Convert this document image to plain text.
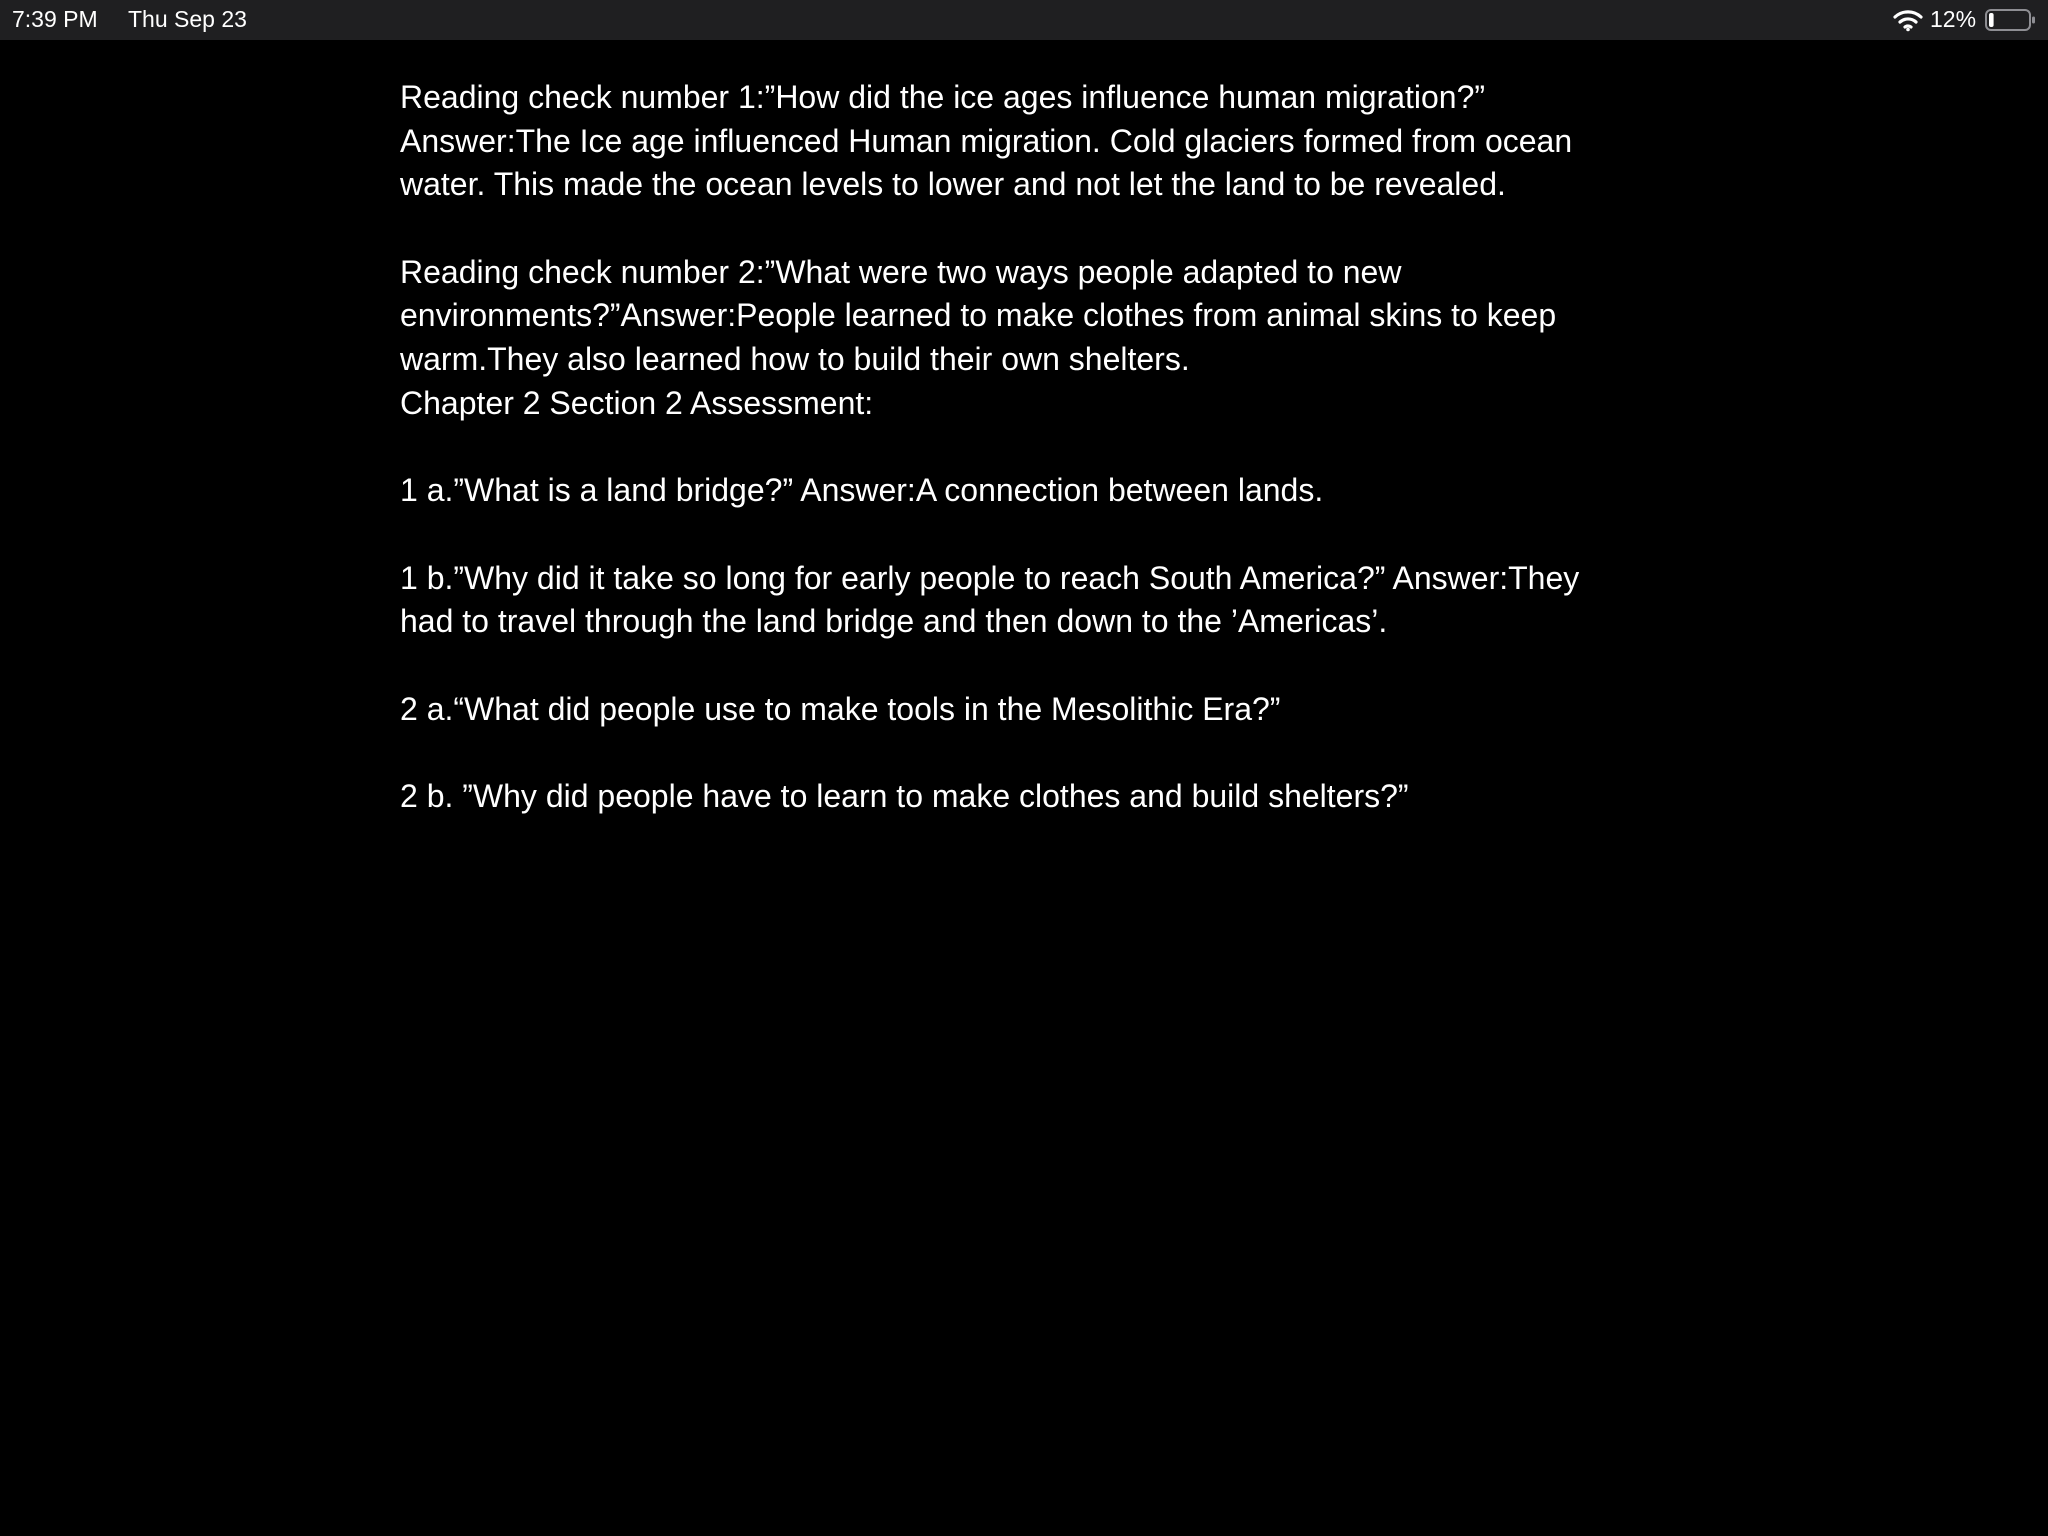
7:39 PM Thu Sep 23	12%
Reading check number 1:”How did the ice ages influence human migration?”
Answer:The Ice age influenced Human migration. Cold glaciers formed from ocean
water. This made the ocean levels to lower and not let the land to be revealed.
Reading check number 2:”What were two ways people adapted to new
environments?”Answer:People learned to make clothes from animal skins to keep
warm.They also learned how to build their own shelters.
Chapter 2 Section 2 Assessment:
1 a.”What is a land bridge?” Answer:A connection between lands.
1 b.”Why did it take so long for early people to reach South America?” Answer:They
had to travel through the land bridge and then down to the ’Americas’.
2 a.“What did people use to make tools in the Mesolithic Era?”
2 b. ”Why did people have to learn to make clothes and build shelters?”
